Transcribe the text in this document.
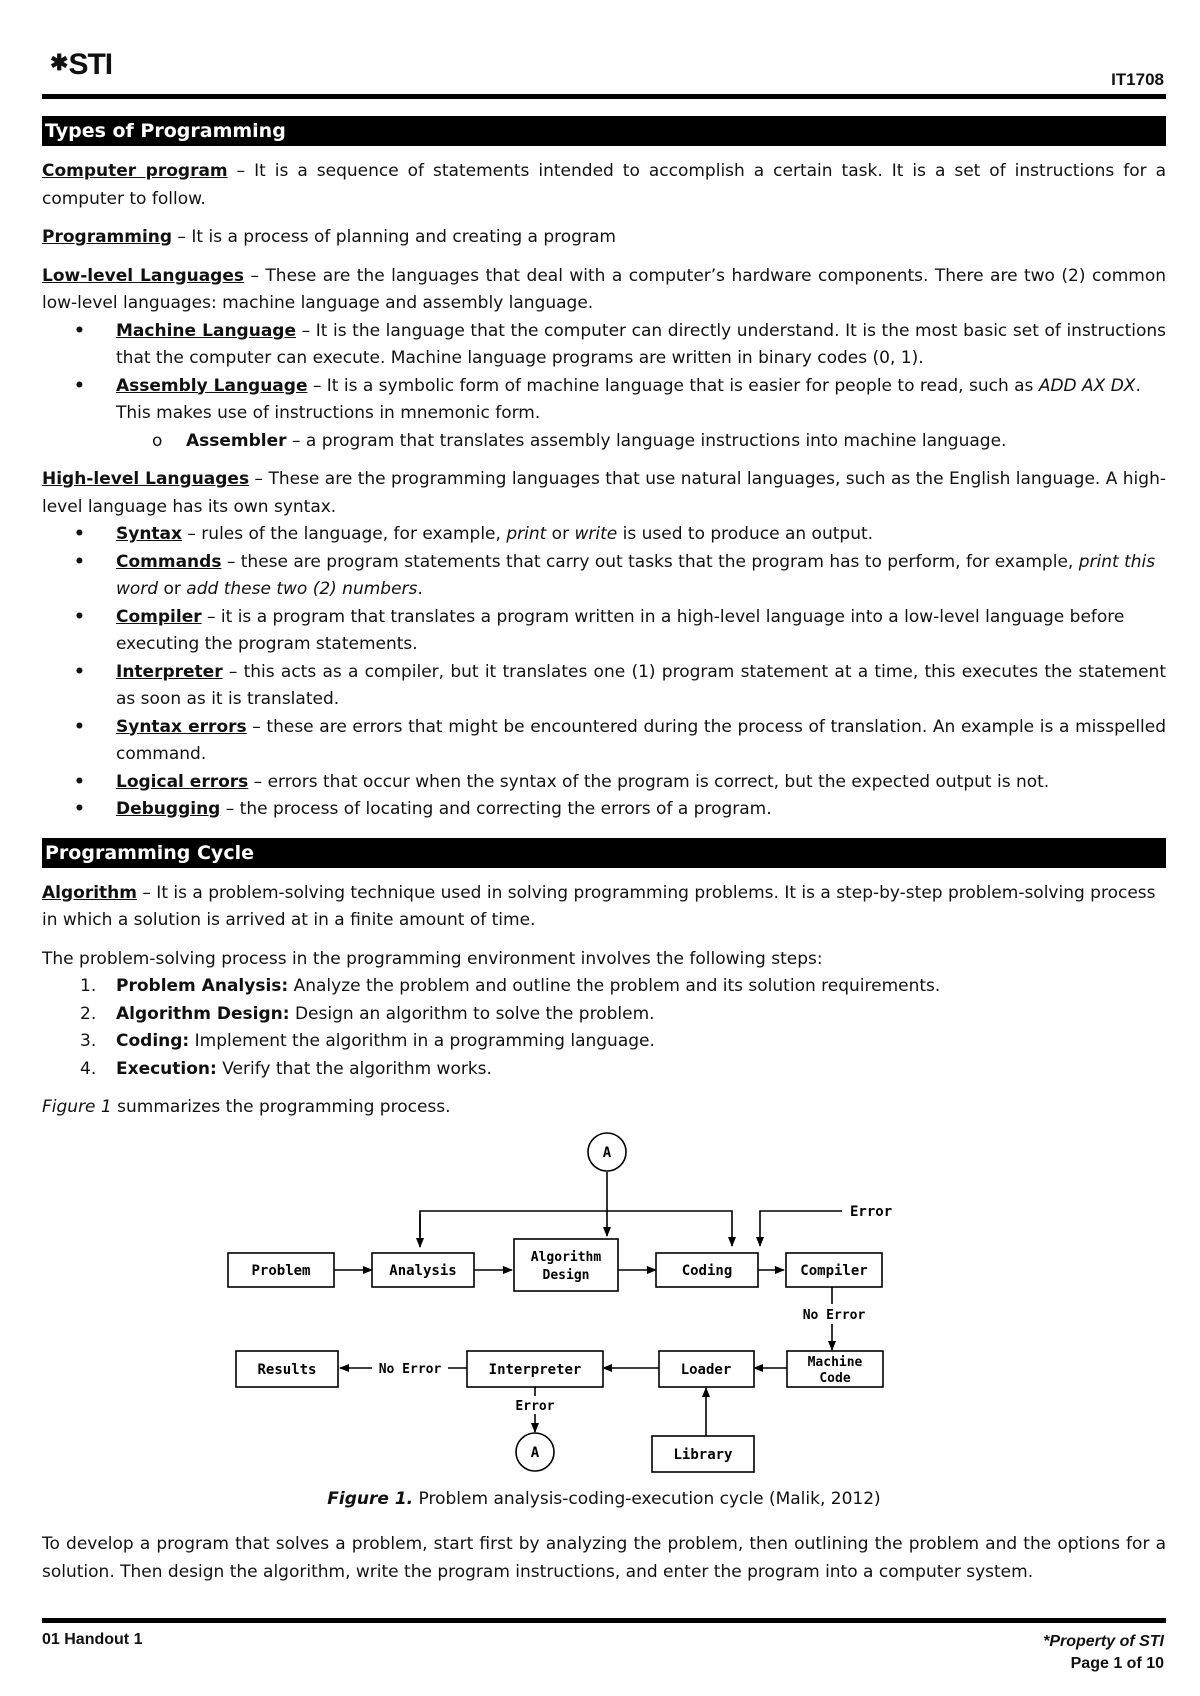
✱STI	IT1708
Types of Programming

Computer program – It is a sequence of statements intended to accomplish a certain task. It is a set of instructions for a computer to follow.

Programming – It is a process of planning and creating a program

Low-level Languages – These are the languages that deal with a computer’s hardware components. There are two (2) common low-level languages: machine language and assembly language.

• Machine Language – It is the language that the computer can directly understand. It is the most basic set of instructions that the computer can execute. Machine language programs are written in binary codes (0, 1).
• Assembly Language – It is a symbolic form of machine language that is easier for people to read, such as ADD AX DX. This makes use of instructions in mnemonic form.
o Assembler – a program that translates assembly language instructions into machine language.

High-level Languages – These are the programming languages that use natural languages, such as the English language. A high-level language has its own syntax.

• Syntax – rules of the language, for example, print or write is used to produce an output.
• Commands – these are program statements that carry out tasks that the program has to perform, for example, print this word or add these two (2) numbers.
• Compiler – it is a program that translates a program written in a high-level language into a low-level language before executing the program statements.
• Interpreter – this acts as a compiler, but it translates one (1) program statement at a time, this executes the statement as soon as it is translated.
• Syntax errors – these are errors that might be encountered during the process of translation. An example is a misspelled command.
• Logical errors – errors that occur when the syntax of the program is correct, but the expected output is not.
• Debugging – the process of locating and correcting the errors of a program.
Programming Cycle

Algorithm – It is a problem-solving technique used in solving programming problems. It is a step-by-step problem-solving process in which a solution is arrived at in a finite amount of time.

The problem-solving process in the programming environment involves the following steps:

1. Problem Analysis: Analyze the problem and outline the problem and its solution requirements.
2. Algorithm Design: Design an algorithm to solve the problem.
3. Coding: Implement the algorithm in a programming language.
4. Execution: Verify that the algorithm works.

Figure 1 summarizes the programming process.

A
Error
Problem	Analysis
Algorithm
Design	Coding	Compiler
No Error
Machine
Code
Loader
Interpreter
No Error
Results
Error
A	Library

Figure 1. Problem analysis-coding-execution cycle (Malik, 2012)

To develop a program that solves a problem, start first by analyzing the problem, then outlining the problem and the options for a solution. Then design the algorithm, write the program instructions, and enter the program into a computer system.

01 Handout 1	*Property of STI
Page 1 of 10
